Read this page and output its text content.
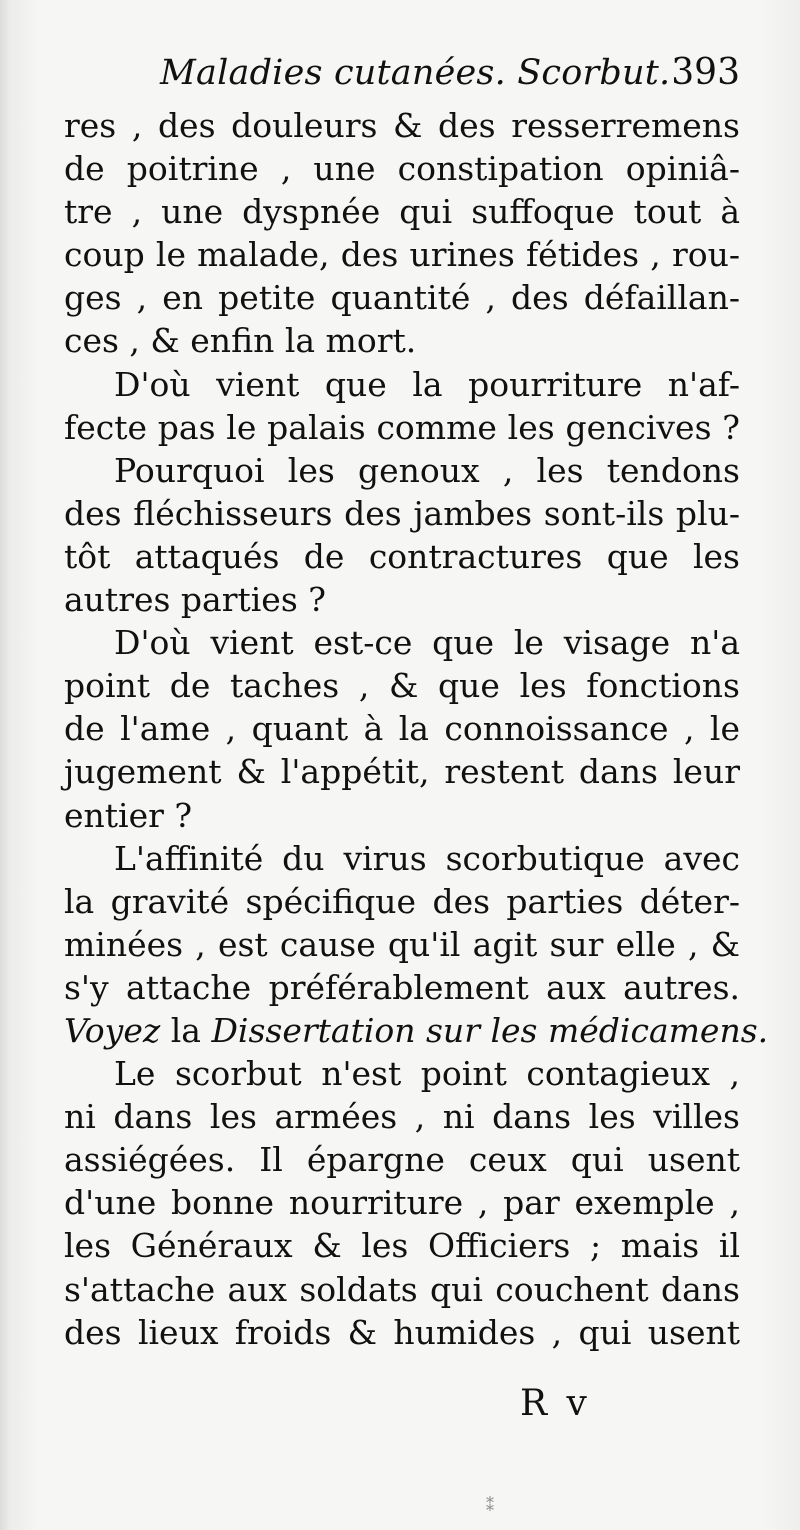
Maladies cutanées. Scorbut. 393
res , des douleurs & des resserremens
de poitrine , une constipation opiniâ-
tre , une dyspnée qui suffoque tout à
coup le malade, des urines fétides , rou-
ges , en petite quantité , des défaillan-
ces , & enfin la mort.
D'où vient que la pourriture n'af-
fecte pas le palais comme les gencives ?
Pourquoi les genoux , les tendons
des fléchisseurs des jambes sont-ils plu-
tôt attaqués de contractures que les
autres parties ?
D'où vient est-ce que le visage n'a
point de taches , & que les fonctions
de l'ame , quant à la connoissance , le
jugement & l'appétit, restent dans leur
entier ?
L'affinité du virus scorbutique avec
la gravité spécifique des parties déter-
minées , est cause qu'il agit sur elle , &
s'y attache préférablement aux autres.
Voyez la Dissertation sur les médicamens.
Le scorbut n'est point contagieux ,
ni dans les armées , ni dans les villes
assiégées. Il épargne ceux qui usent
d'une bonne nourriture , par exemple ,
les Généraux & les Officiers ; mais il
s'attache aux soldats qui couchent dans
des lieux froids & humides , qui usent
R v
⁑
